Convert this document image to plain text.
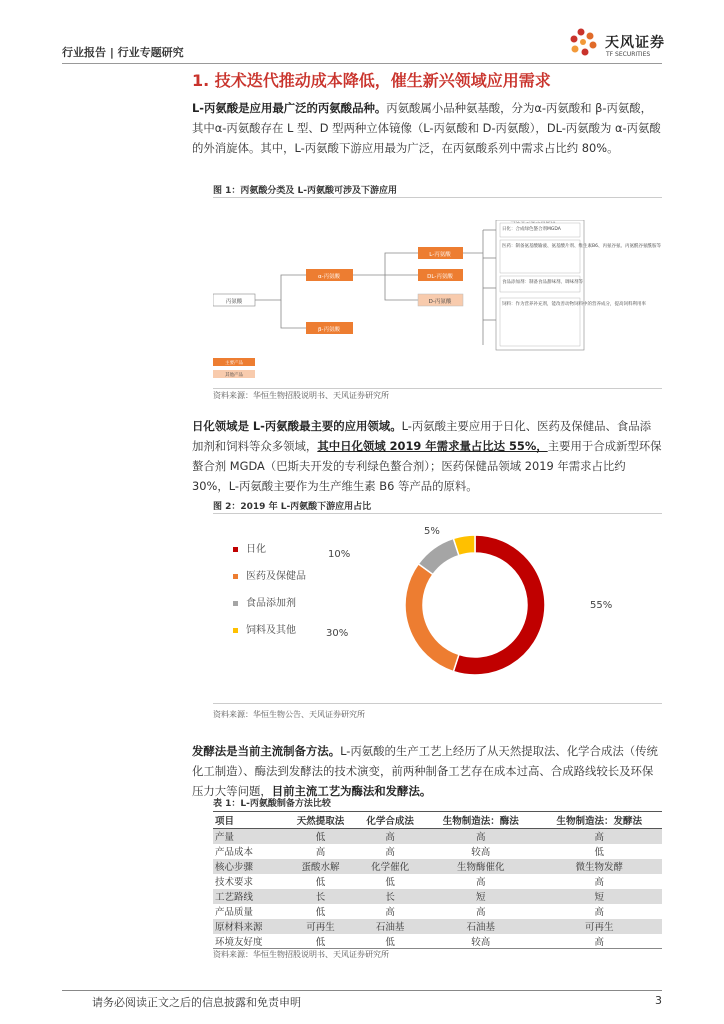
行业报告 | 行业专题研究
天风证券
TF SECURITIES
1. 技术迭代推动成本降低，催生新兴领域应用需求
L-丙氨酸是应用最广泛的丙氨酸品种。丙氨酸属小品种氨基酸，分为α-丙氨酸和 β-丙氨酸，其中α-丙氨酸存在 L 型、D 型两种立体镜像（L-丙氨酸和 D-丙氨酸），DL-丙氨酸为 α-丙氨酸的外消旋体。其中，L-丙氨酸下游应用最为广泛，在丙氨酸系列中需求占比约 80%。
图 1：丙氨酸分类及 L-丙氨酸可涉及下游应用
丙氨酸
α-丙氨酸
β-丙氨酸
L-丙氨酸
DL-丙氨酸
D-丙氨酸
日化：合成绿色螯合剂MGDA
医药：制备氨基酸输液、氨基酸片剂、维生素B6、丙氨谷氨、丙氨酰谷氨酰胺等
食品添加剂：制备食品甜味剂、调味剂等
饲料：作为营养补充剂，能改善动物饲料中的营养成分，提高饲料利用率
主要产品
其他产品
资料来源：华恒生物招股说明书、天风证券研究所
日化领域是 L-丙氨酸最主要的应用领域。L-丙氨酸主要应用于日化、医药及保健品、食品添加剂和饲料等众多领域，其中日化领域 2019 年需求量占比达 55%，主要用于合成新型环保螯合剂 MGDA（巴斯夫开发的专利绿色螯合剂）；医药保健品领域 2019 年需求占比约 30%，L-丙氨酸主要作为生产维生素 B6 等产品的原料。
图 2：2019 年 L-丙氨酸下游应用占比
日化
医药及保健品
食品添加剂
饲料及其他
55%
30%
10%
5%
资料来源：华恒生物公告、天风证券研究所
发酵法是当前主流制备方法。L-丙氨酸的生产工艺上经历了从天然提取法、化学合成法（传统化工制造）、酶法到发酵法的技术演变，前两种制备工艺存在成本过高、合成路线较长及环保压力大等问题，目前主流工艺为酶法和发酵法。
表 1：L-丙氨酸制备方法比较
项目	天然提取法	化学合成法	生物制造法：酶法	生物制造法：发酵法
产量	低	高	高	高
产品成本	高	高	较高	低
核心步骤	蛋酸水解	化学催化	生物酶催化	微生物发酵
技术要求	低	低	高	高
工艺路线	长	长	短	短
产品质量	低	高	高	高
原材料来源	可再生	石油基	石油基	可再生
环境友好度	低	低	较高	高
资料来源：华恒生物招股说明书、天风证券研究所
请务必阅读正文之后的信息披露和免责申明	3
